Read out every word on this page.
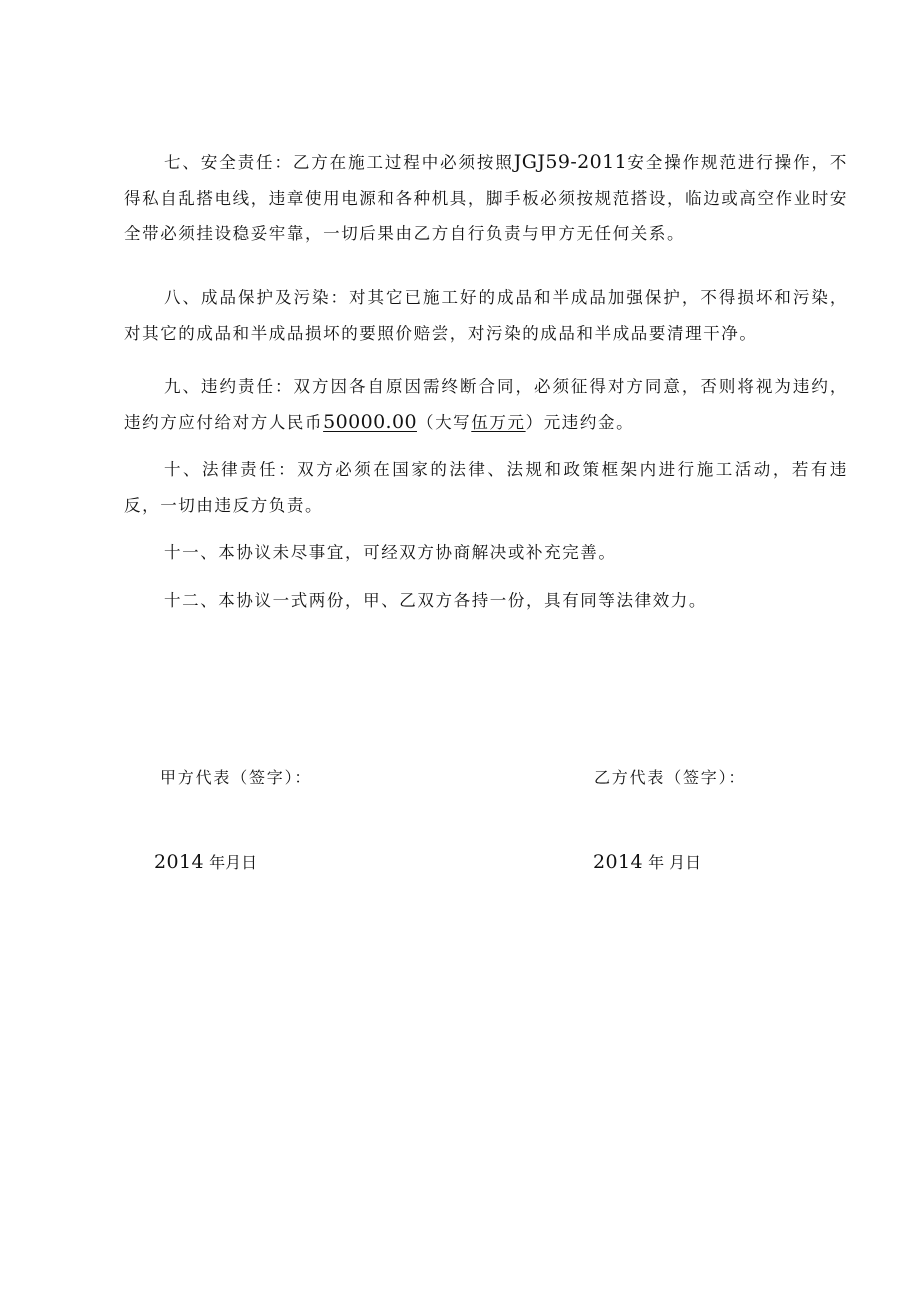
七、安全责任：乙方在施工过程中必须按照JGJ59-2011安全操作规范进行操作，不得私自乱搭电线，违章使用电源和各种机具，脚手板必须按规范搭设，临边或高空作业时安全带必须挂设稳妥牢靠，一切后果由乙方自行负责与甲方无任何关系。

八、成品保护及污染：对其它已施工好的成品和半成品加强保护，不得损坏和污染，对其它的成品和半成品损坏的要照价赔尝，对污染的成品和半成品要清理干净。

九、违约责任：双方因各自原因需终断合同，必须征得对方同意，否则将视为违约，违约方应付给对方人民币50000.00（大写伍万元）元违约金。

十、法律责任：双方必须在国家的法律、法规和政策框架内进行施工活动，若有违反，一切由违反方负责。

十一、本协议未尽事宜，可经双方协商解决或补充完善。

十二、本协议一式两份，甲、乙双方各持一份，具有同等法律效力。

甲方代表（签字）：	乙方代表（签字）：

2014 年月日	2014 年 月日
